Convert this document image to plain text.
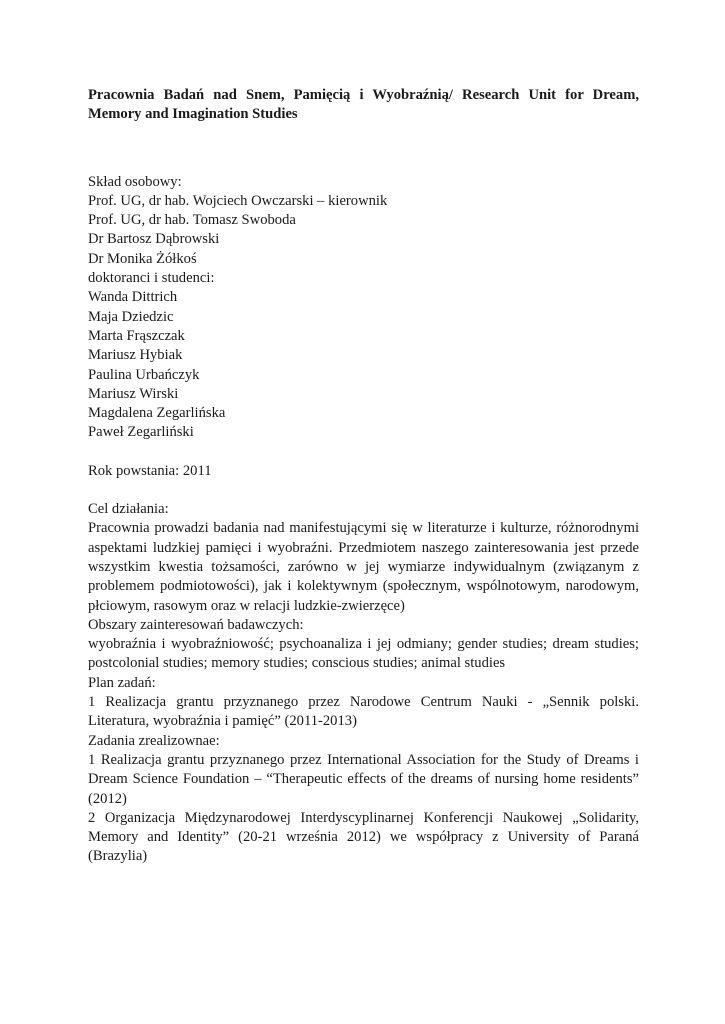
Pracownia Badań nad Snem, Pamięcią i Wyobraźnią/ Research Unit for Dream, Memory and Imagination Studies

Skład osobowy:
Prof. UG, dr hab. Wojciech Owczarski – kierownik
Prof. UG, dr hab. Tomasz Swoboda
Dr Bartosz Dąbrowski
Dr Monika Żółkoś
doktoranci i studenci:
Wanda Dittrich
Maja Dziedzic
Marta Frąszczak
Mariusz Hybiak
Paulina Urbańczyk
Mariusz Wirski
Magdalena Zegarlińska
Paweł Zegarliński
Rok powstania: 2011
Cel działania:

Pracownia prowadzi badania nad manifestującymi się w literaturze i kulturze, różnorodnymi aspektami ludzkiej pamięci i wyobraźni. Przedmiotem naszego zainteresowania jest przede wszystkim kwestia tożsamości, zarówno w jej wymiarze indywidualnym (związanym z problemem podmiotowości), jak i kolektywnym (społecznym, wspólnotowym, narodowym, płciowym, rasowym oraz w relacji ludzkie-zwierzęce)

Obszary zainteresowań badawczych:

wyobraźnia i wyobraźniowość; psychoanaliza i jej odmiany; gender studies; dream studies; postcolonial studies; memory studies; conscious studies; animal studies

Plan zadań:

1 Realizacja grantu przyznanego przez Narodowe Centrum Nauki - „Sennik polski. Literatura, wyobraźnia i pamięć” (2011-2013)

Zadania zrealizownae:

1 Realizacja grantu przyznanego przez International Association for the Study of Dreams i Dream Science Foundation – “Therapeutic effects of the dreams of nursing home residents” (2012)

2 Organizacja Międzynarodowej Interdyscyplinarnej Konferencji Naukowej „Solidarity, Memory and Identity” (20-21 września 2012) we współpracy z University of Paraná (Brazylia)
